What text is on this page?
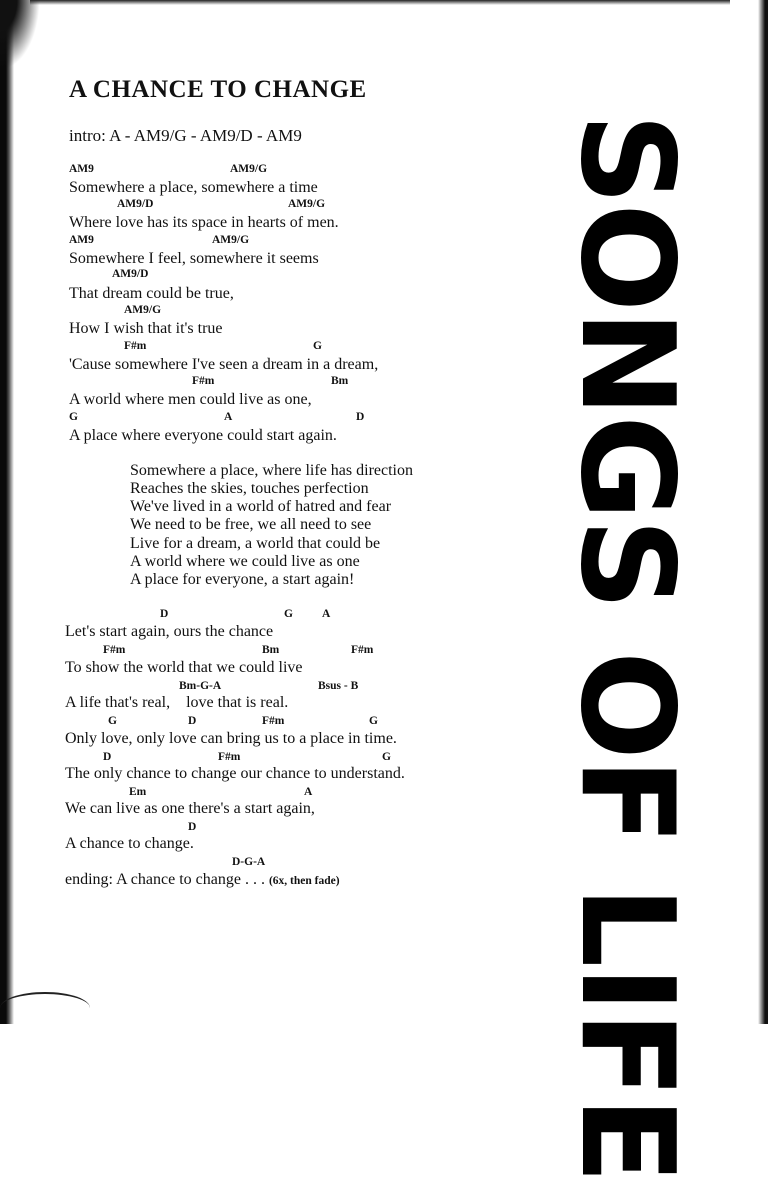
A CHANCE TO CHANGE
intro: A - AM9/G - AM9/D - AM9
AM9	AM9/G
Somewhere a place, somewhere a time
AM9/D	AM9/G
Where love has its space in hearts of men.
AM9	AM9/G
Somewhere I feel, somewhere it seems
AM9/D
That dream could be true,
AM9/G
How I wish that it's true
F#m	G
'Cause somewhere I've seen a dream in a dream,
F#m	Bm
A world where men could live as one,
G	A	D
A place where everyone could start again.
Somewhere a place, where life has direction
Reaches the skies, touches perfection
We've lived in a world of hatred and fear
We need to be free, we all need to see
Live for a dream, a world that could be
A world where we could live as one
A place for everyone, a start again!
D	G	A
Let's start again, ours the chance
F#m	Bm	F#m
To show the world that we could live
Bm-G-A	Bsus - B
A life that's real,    love that is real.
G	D	F#m	G
Only love, only love can bring us to a place in time.
D	F#m	G
The only chance to change our chance to understand.
Em	A
We can live as one there's a start again,
D
A chance to change.
D-G-A
ending: A chance to change . . . (6x, then fade) SONGS OF LIFE
